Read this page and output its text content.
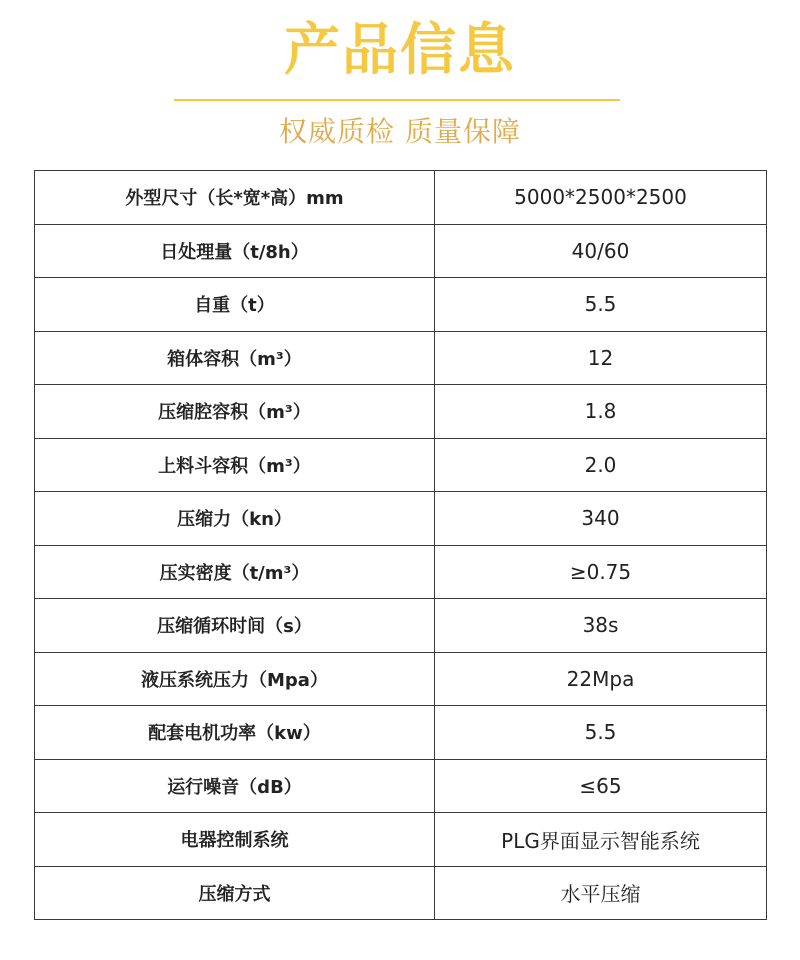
产品信息
权威质检 质量保障
外型尺寸（长*宽*高）mm	5000*2500*2500
日处理量（t/8h）	40/60
自重（t）	5.5
箱体容积（m³）	12
压缩腔容积（m³）	1.8
上料斗容积（m³）	2.0
压缩力（kn）	340
压实密度（t/m³）	≥0.75
压缩循环时间（s）	38s
液压系统压力（Mpa）	22Mpa
配套电机功率（kw）	5.5
运行噪音（dB）	≤65
电器控制系统	PLG界面显示智能系统
压缩方式	水平压缩
